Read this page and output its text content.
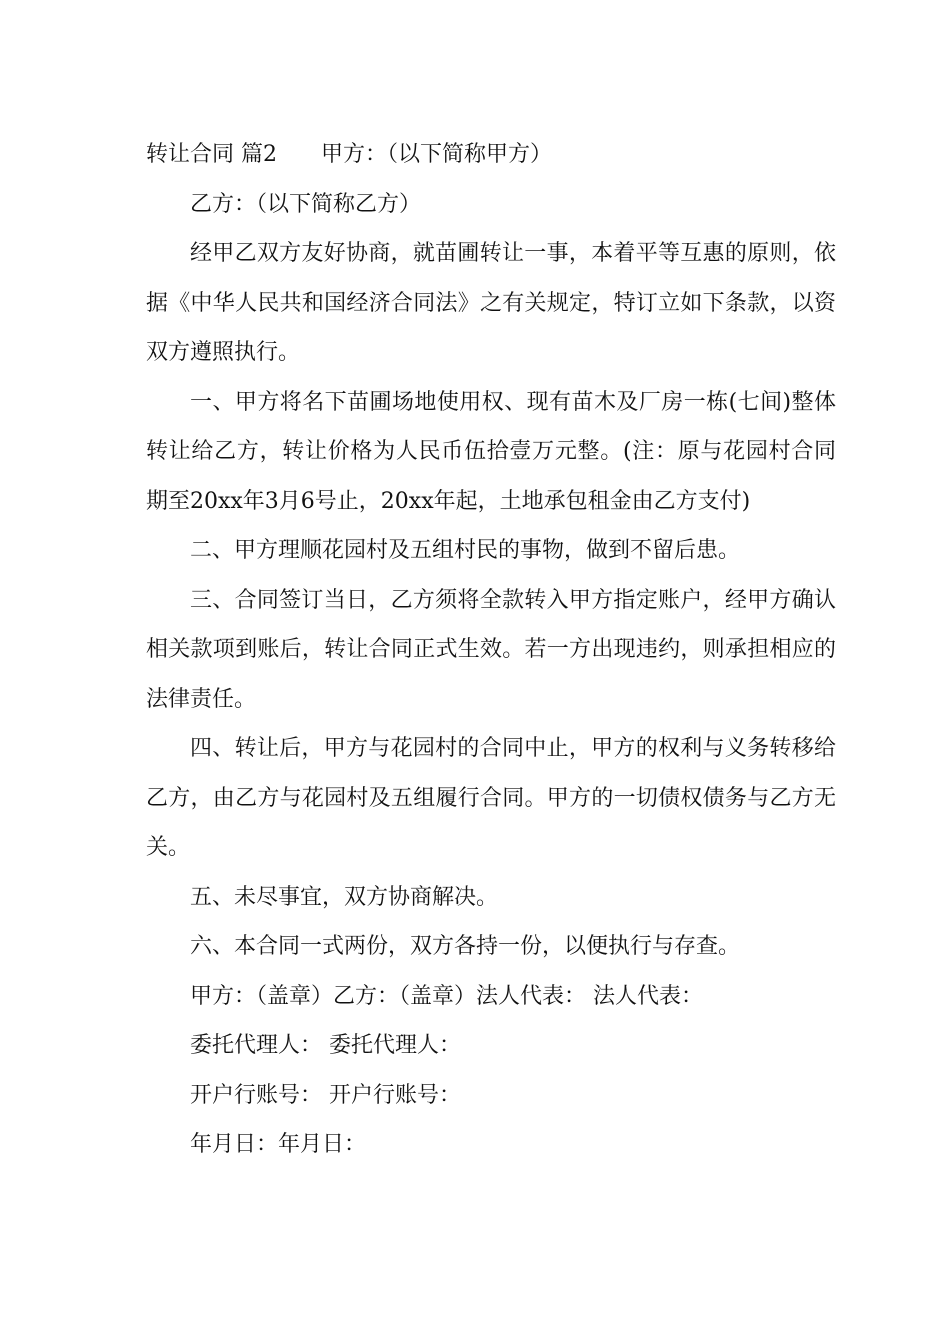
转让合同 篇2 甲方：（以下简称甲方）

乙方：（以下简称乙方）

经甲乙双方友好协商，就苗圃转让一事，本着平等互惠的原则，依据《中华人民共和国经济合同法》之有关规定，特订立如下条款，以资双方遵照执行。

一、甲方将名下苗圃场地使用权、现有苗木及厂房一栋(七间)整体转让给乙方，转让价格为人民币伍拾壹万元整。(注：原与花园村合同期至20xx年3月6号止，20xx年起，土地承包租金由乙方支付)

二、甲方理顺花园村及五组村民的事物，做到不留后患。

三、合同签订当日，乙方须将全款转入甲方指定账户，经甲方确认相关款项到账后，转让合同正式生效。若一方出现违约，则承担相应的法律责任。

四、转让后，甲方与花园村的合同中止，甲方的权利与义务转移给乙方，由乙方与花园村及五组履行合同。甲方的一切债权债务与乙方无关。

五、未尽事宜，双方协商解决。

六、本合同一式两份，双方各持一份，以便执行与存查。

甲方：（盖章）乙方：（盖章）法人代表： 法人代表：

委托代理人： 委托代理人：

开户行账号： 开户行账号：

年月日：年月日：
